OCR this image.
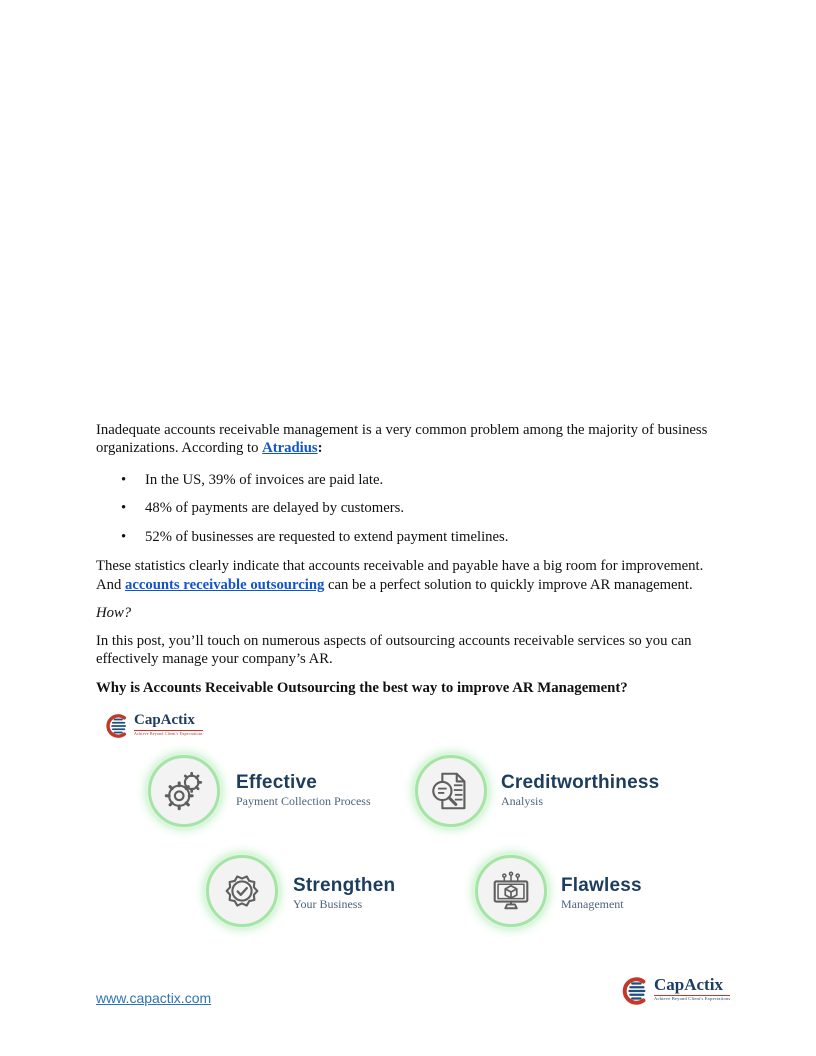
Inadequate accounts receivable management is a very common problem among the majority of business organizations. According to Atradius:

• In the US, 39% of invoices are paid late.
• 48% of payments are delayed by customers.
• 52% of businesses are requested to extend payment timelines.

These statistics clearly indicate that accounts receivable and payable have a big room for improvement. And accounts receivable outsourcing can be a perfect solution to quickly improve AR management.

How?

In this post, you’ll touch on numerous aspects of outsourcing accounts receivable services so you can effectively manage your company’s AR.

Why is Accounts Receivable Outsourcing the best way to improve AR Management?
CapActix
Achieve Beyond Client's Expectations
Effective
Payment Collection Process
Creditworthiness
Analysis
Strengthen
Your Business
Flawless
Management
www.capactix.com
CapActix
Achieve Beyond Client's Expectations
